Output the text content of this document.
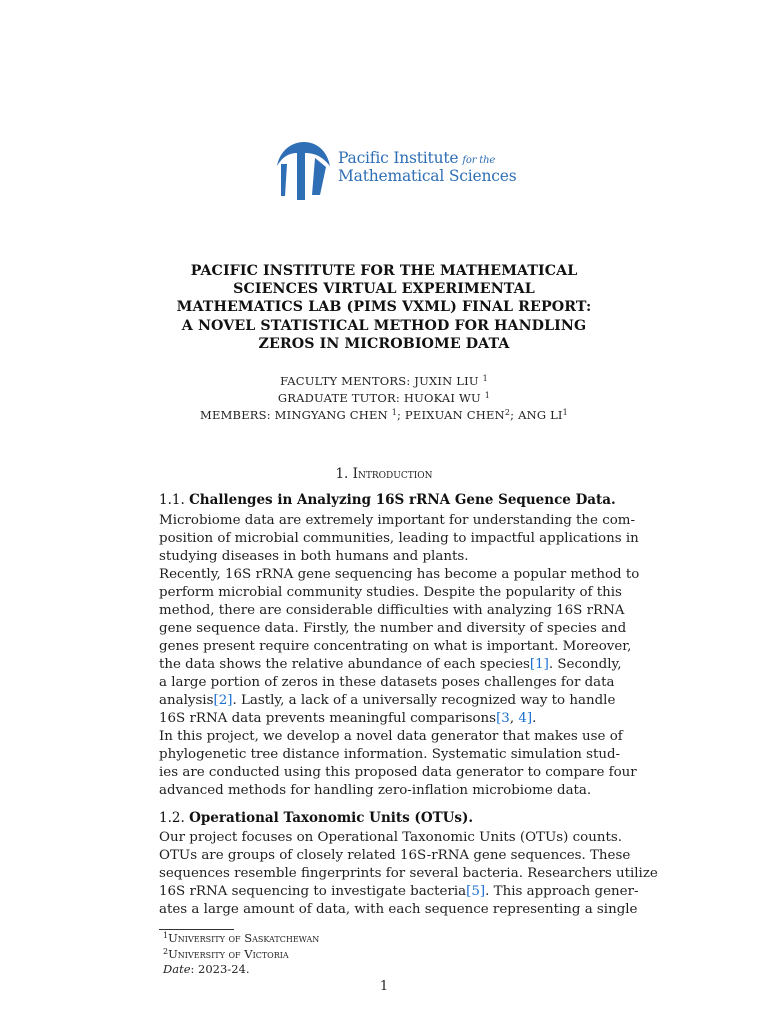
Pacific Institute for the
Mathematical Sciences
PACIFIC INSTITUTE FOR THE MATHEMATICAL
SCIENCES VIRTUAL EXPERIMENTAL
MATHEMATICS LAB (PIMS VXML) FINAL REPORT:
A NOVEL STATISTICAL METHOD FOR HANDLING
ZEROS IN MICROBIOME DATA
FACULTY MENTORS: JUXIN LIU $^1$
GRADUATE TUTOR: HUOKAI WU $^1$
MEMBERS: MINGYANG CHEN $^1$; PEIXUAN CHEN$^2$; ANG $LI^1$
1. Introduction
1.1. Challenges in Analyzing 16S rRNA Gene Sequence Data.
Microbiome data are extremely important for understanding the com-
position of microbial communities, leading to impactful applications in
studying diseases in both humans and plants.
Recently, 16S rRNA gene sequencing has become a popular method to
perform microbial community studies. Despite the popularity of this
method, there are considerable difficulties with analyzing 16S rRNA
gene sequence data. Firstly, the number and diversity of species and
genes present require concentrating on what is important. Moreover,
the data shows the relative abundance of each species[1]. Secondly,
a large portion of zeros in these datasets poses challenges for data
analysis[2]. Lastly, a lack of a universally recognized way to handle
16S rRNA data prevents meaningful comparisons[3, 4].
In this project, we develop a novel data generator that makes use of
phylogenetic tree distance information. Systematic simulation stud-
ies are conducted using this proposed data generator to compare four
advanced methods for handling zero-inflation microbiome data.
1.2. Operational Taxonomic Units (OTUs).
Our project focuses on Operational Taxonomic Units (OTUs) counts.
OTUs are groups of closely related 16S-rRNA gene sequences. These
sequences resemble fingerprints for several bacteria. Researchers utilize
16S rRNA sequencing to investigate bacteria[5]. This approach gener-
ates a large amount of data, with each sequence representing a single
$^1$University of Saskatchewan
$^2$University of Victoria
Date: 2023-24.
1
